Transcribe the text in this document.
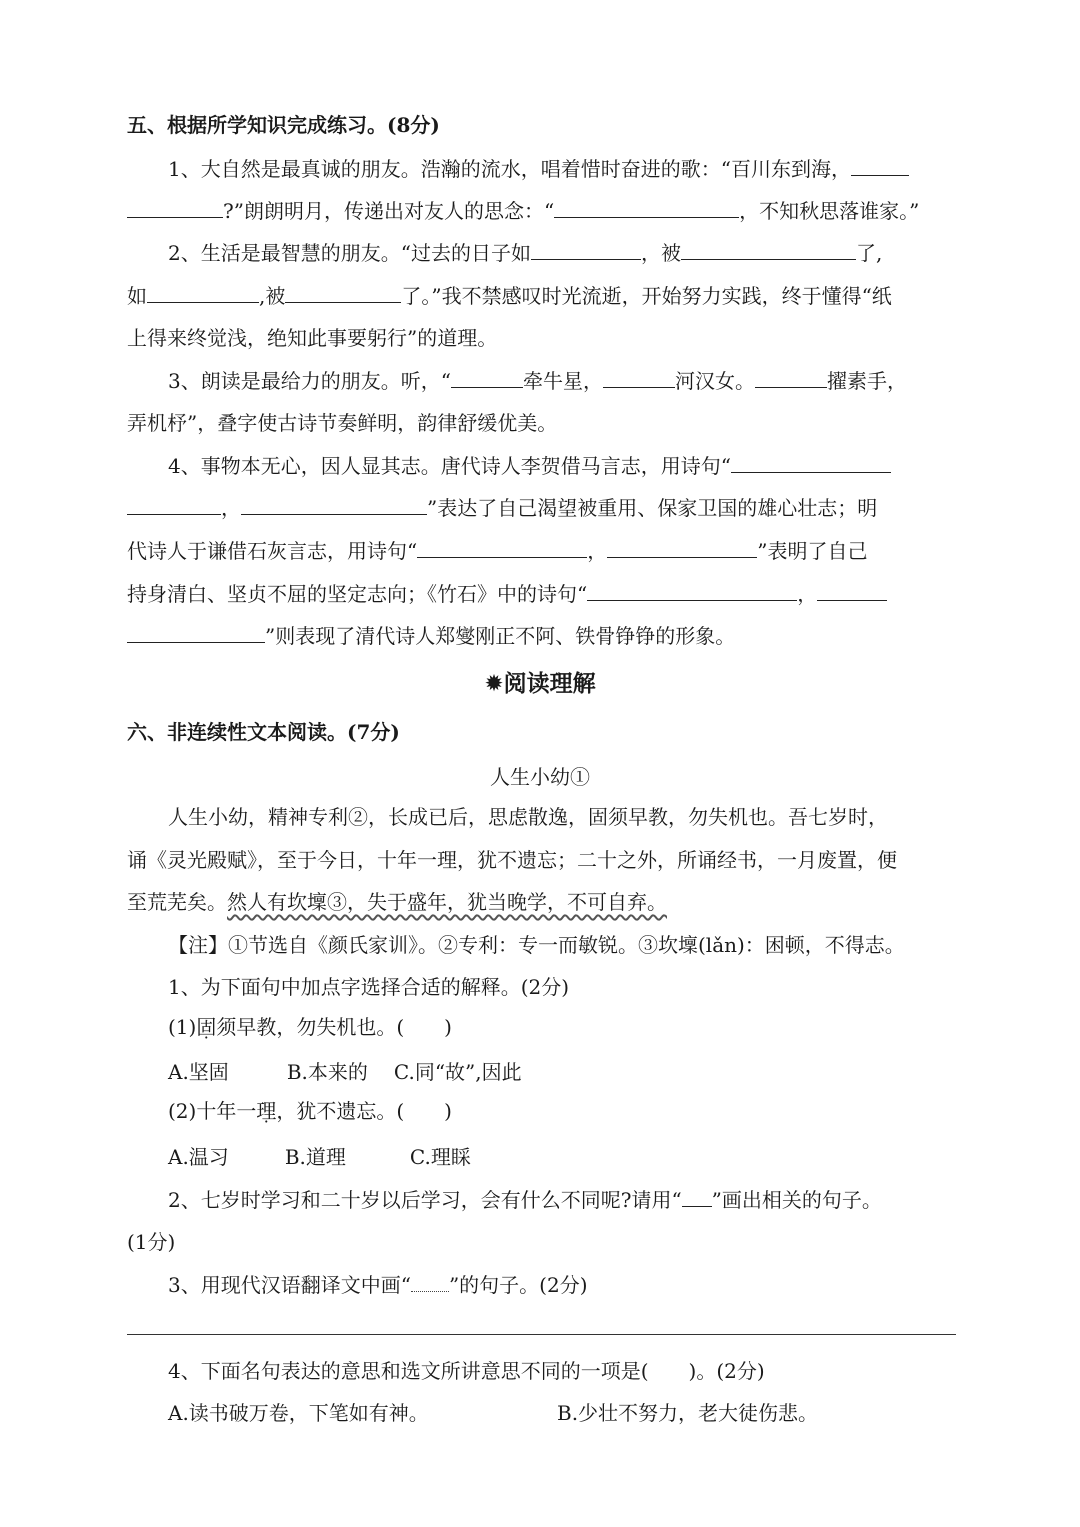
五、根据所学知识完成练习。(8分)
1、大自然是最真诚的朋友。浩瀚的流水，唱着惜时奋进的歌：“百川东到海，
?”朗朗明月，传递出对友人的思念：“	，不知秋思落谁家。”
2、生活是最智慧的朋友。“过去的日子如	，被	了,
如	,被	了。”我不禁感叹时光流逝，开始努力实践，终于懂得“纸
上得来终觉浅，绝知此事要躬行”的道理。
3、朗读是最给力的朋友。听，“	牵牛星，	河汉女。	擢素手，
弄机杼”，叠字使古诗节奏鲜明，韵律舒缓优美。
4、事物本无心，因人显其志。唐代诗人李贺借马言志，用诗句“
，	”表达了自己渴望被重用、保家卫国的雄心壮志；明
代诗人于谦借石灰言志，用诗句“	，	”表明了自己
持身清白、坚贞不屈的坚定志向；《竹石》中的诗句“	，
”则表现了清代诗人郑燮刚正不阿、铁骨铮铮的形象。
✹阅读理解
六、非连续性文本阅读。(7分)
人生小幼①
人生小幼，精神专利②，长成已后，思虑散逸，固须早教，勿失机也。吾七岁时，
诵《灵光殿赋》，至于今日，十年一理，犹不遗忘；二十之外，所诵经书，一月废置，便
至荒芜矣。然人有坎壈③，失于盛年，犹当晚学，不可自弃。
【注】①节选自《颜氏家训》。②专利：专一而敏锐。③坎壈(lǎn)：困顿，不得志。
1、为下面句中加点字选择合适的解释。(2分)
(1)固须早教，勿失机也。(　　)
A.坚固	B.本来的 C.同“故”,因此
(2)十年一理，犹不遗忘。(　　)
A.温习	B.道理	C.理睬
2、七岁时学习和二十岁以后学习，会有什么不同呢?请用“ ”画出相关的句子。
(1分)
3、用现代汉语翻译文中画“ ”的句子。(2分)
4、下面名句表达的意思和选文所讲意思不同的一项是(　　)。(2分)
A.读书破万卷，下笔如有神。	B.少壮不努力，老大徒伤悲。
